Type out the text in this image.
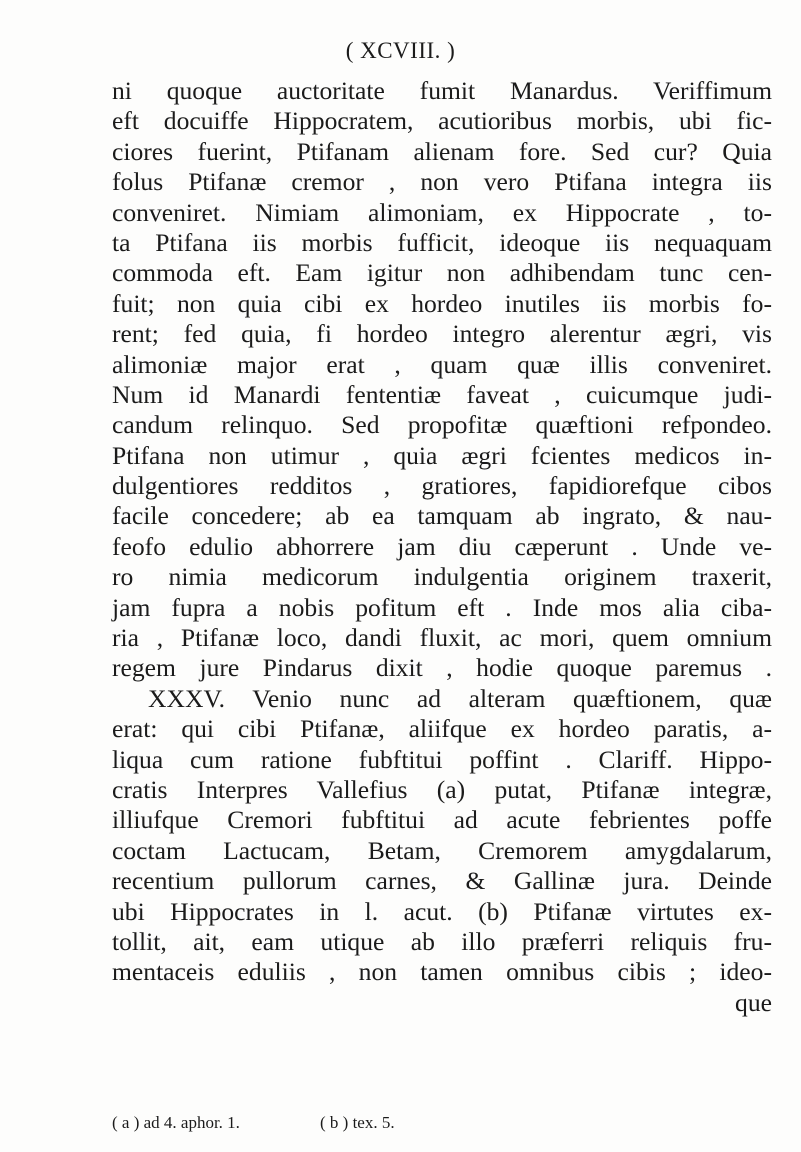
( XCVIII. )
ni quoque auctoritate fumit Manardus. Veriffimum
eft docuiffe Hippocratem, acutioribus morbis, ubi fic-
ciores fuerint, Ptifanam alienam fore. Sed cur? Quia
folus Ptifanæ cremor , non vero Ptifana integra iis
conveniret. Nimiam alimoniam, ex Hippocrate , to-
ta Ptifana iis morbis fufficit, ideoque iis nequaquam
commoda eft. Eam igitur non adhibendam tunc cen-
fuit; non quia cibi ex hordeo inutiles iis morbis fo-
rent; fed quia, fi hordeo integro alerentur ægri, vis
alimoniæ major erat , quam quæ illis conveniret.
Num id Manardi fententiæ faveat , cuicumque judi-
candum relinquo. Sed propofitæ quæftioni refpondeo.
Ptifana non utimur , quia ægri fcientes medicos in-
dulgentiores redditos , gratiores, fapidiorefque cibos
facile concedere; ab ea tamquam ab ingrato, & nau-
feofo edulio abhorrere jam diu cæperunt . Unde ve-
ro nimia medicorum indulgentia originem traxerit,
jam fupra a nobis pofitum eft . Inde mos alia ciba-
ria , Ptifanæ loco, dandi fluxit, ac mori, quem omnium
regem jure Pindarus dixit , hodie quoque paremus .
XXXV. Venio nunc ad alteram quæftionem, quæ
erat: qui cibi Ptifanæ, aliifque ex hordeo paratis, a-
liqua cum ratione fubftitui poffint . Clariff. Hippo-
cratis Interpres Vallefius (a) putat, Ptifanæ integræ,
illiufque Cremori fubftitui ad acute febrientes poffe
coctam Lactucam, Betam, Cremorem amygdalarum,
recentium pullorum carnes, & Gallinæ jura. Deinde
ubi Hippocrates in l. acut. (b) Ptifanæ virtutes ex-
tollit, ait, eam utique ab illo præferri reliquis fru-
mentaceis eduliis , non tamen omnibus cibis ; ideo-
que
( a ) ad 4. aphor. 1.	( b ) tex. 5.
